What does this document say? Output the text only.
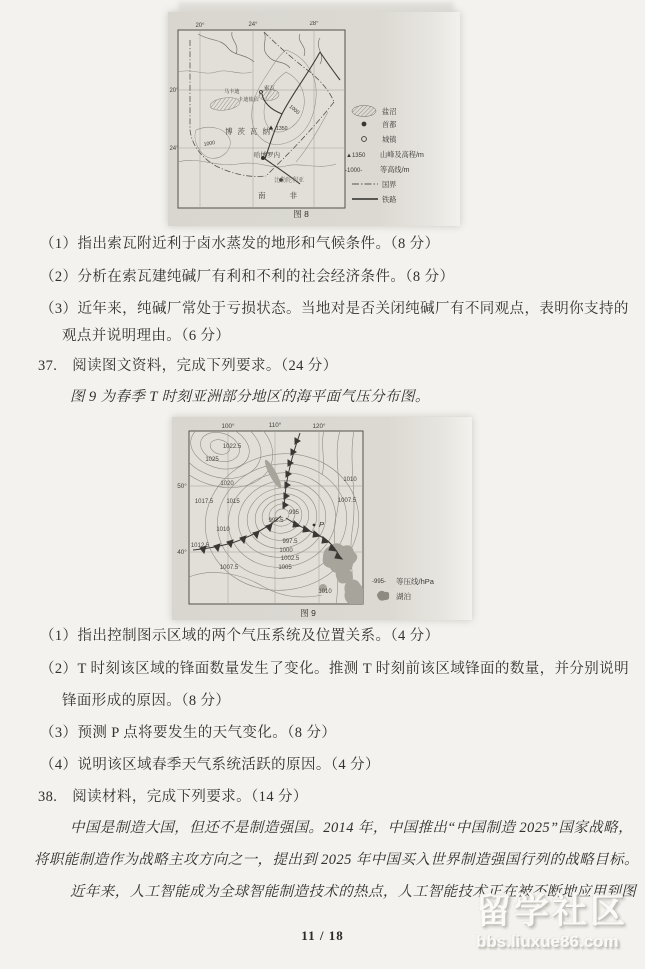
20°	24°	28°
20°
24°
马卡迪
卡迪盐沼
索瓦
博茨瓦纳
哈博罗内
比勒陀利亚
南非
1350
1000
1000
盐沼
首都
城镇
▲1350 山峰及高程/m
-1000- 等高线/m
国界
铁路
图 8
（1）指出索瓦附近利于卤水蒸发的地形和气候条件。（8 分）
（2）分析在索瓦建纯碱厂有利和不利的社会经济条件。（8 分）
（3）近年来，纯碱厂常处于亏损状态。当地对是否关闭纯碱厂有不同观点，表明你支持的
观点并说明理由。（6 分）
37.　阅读图文资料，完成下列要求。（24 分）
图 9 为春季 T 时刻亚洲部分地区的海平面气压分布图。
100°	110°	120°
50°
40°
1022.5
1025
1020
1017.5 1015
1010
1012.5
1007.5
995
992.5
997.5
1000
1002.5
1005
1010
1007.5
1010
P
-995- 等压线/hPa
湖泊
图 9
（1）指出控制图示区域的两个气压系统及位置关系。（4 分）
（2）T 时刻该区域的锋面数量发生了变化。推测 T 时刻前该区域锋面的数量，并分别说明
锋面形成的原因。（8 分）
（3）预测 P 点将要发生的天气变化。（8 分）
（4）说明该区域春季天气系统活跃的原因。（4 分）
38.　阅读材料，完成下列要求。（14 分）
中国是制造大国，但还不是制造强国。2014 年，中国推出“中国制造 2025”国家战略，
将职能制造作为战略主攻方向之一，提出到 2025 年中国买入世界制造强国行列的战略目标。
近年来，人工智能成为全球智能制造技术的热点，人工智能技术正在被不断地应用到图
11 / 18
留学社区
bbs.liuxue86.com
